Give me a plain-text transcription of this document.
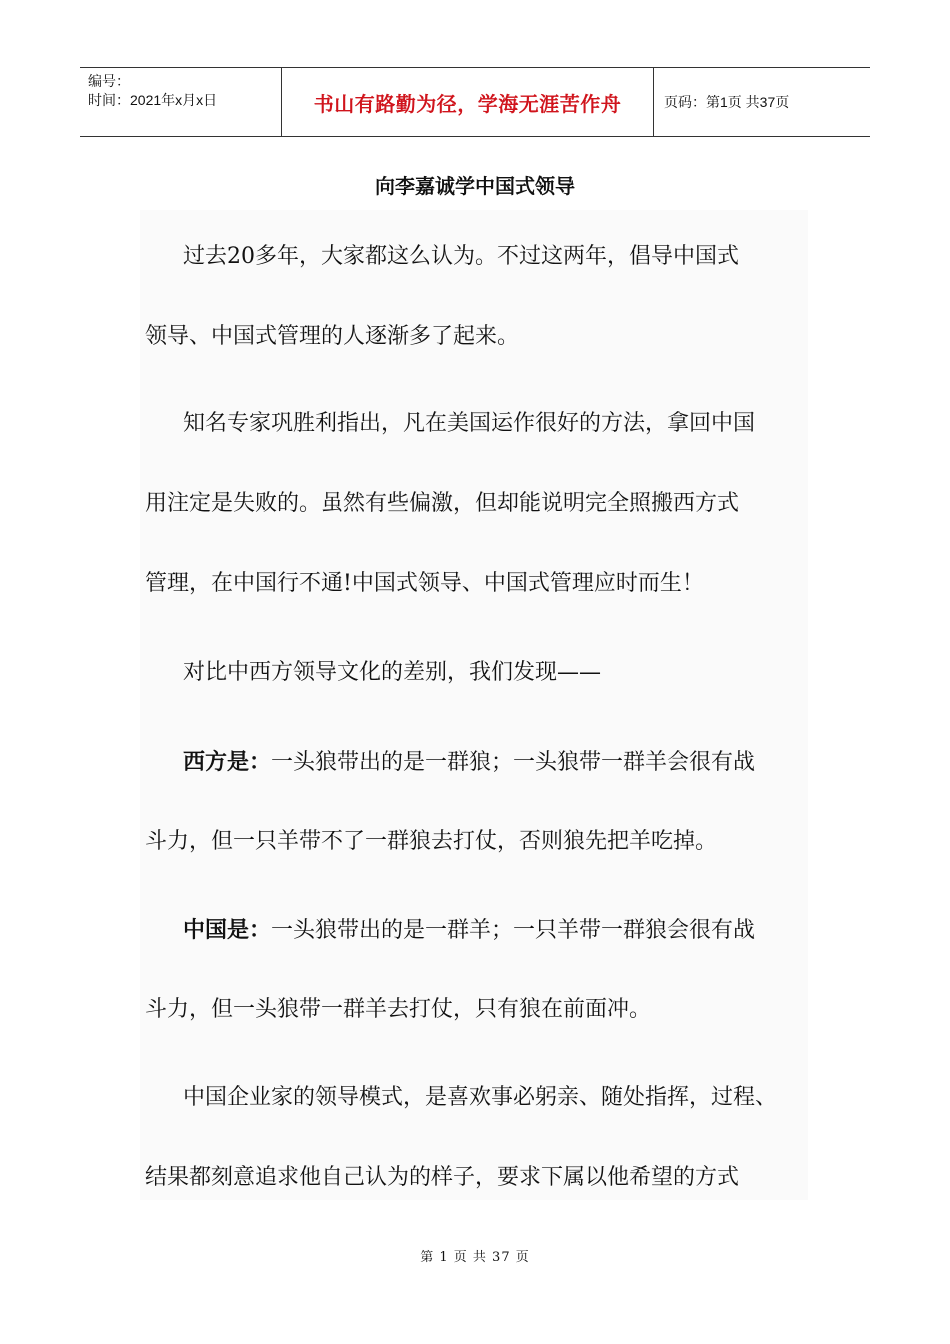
编号：
时间：2021年x月x日	书山有路勤为径，学海无涯苦作舟	页码：第1页 共37页
向李嘉诚学中国式领导
过去20多年，大家都这么认为。不过这两年，倡导中国式
领导、中国式管理的人逐渐多了起来。
知名专家巩胜利指出，凡在美国运作很好的方法，拿回中国
用注定是失败的。虽然有些偏激，但却能说明完全照搬西方式
管理，在中国行不通!中国式领导、中国式管理应时而生！
对比中西方领导文化的差别，我们发现——
西方是：一头狼带出的是一群狼；一头狼带一群羊会很有战
斗力，但一只羊带不了一群狼去打仗，否则狼先把羊吃掉。
中国是：一头狼带出的是一群羊；一只羊带一群狼会很有战
斗力，但一头狼带一群羊去打仗，只有狼在前面冲。
中国企业家的领导模式，是喜欢事必躬亲、随处指挥，过程、
结果都刻意追求他自己认为的样子，要求下属以他希望的方式
第 1 页 共 37 页
